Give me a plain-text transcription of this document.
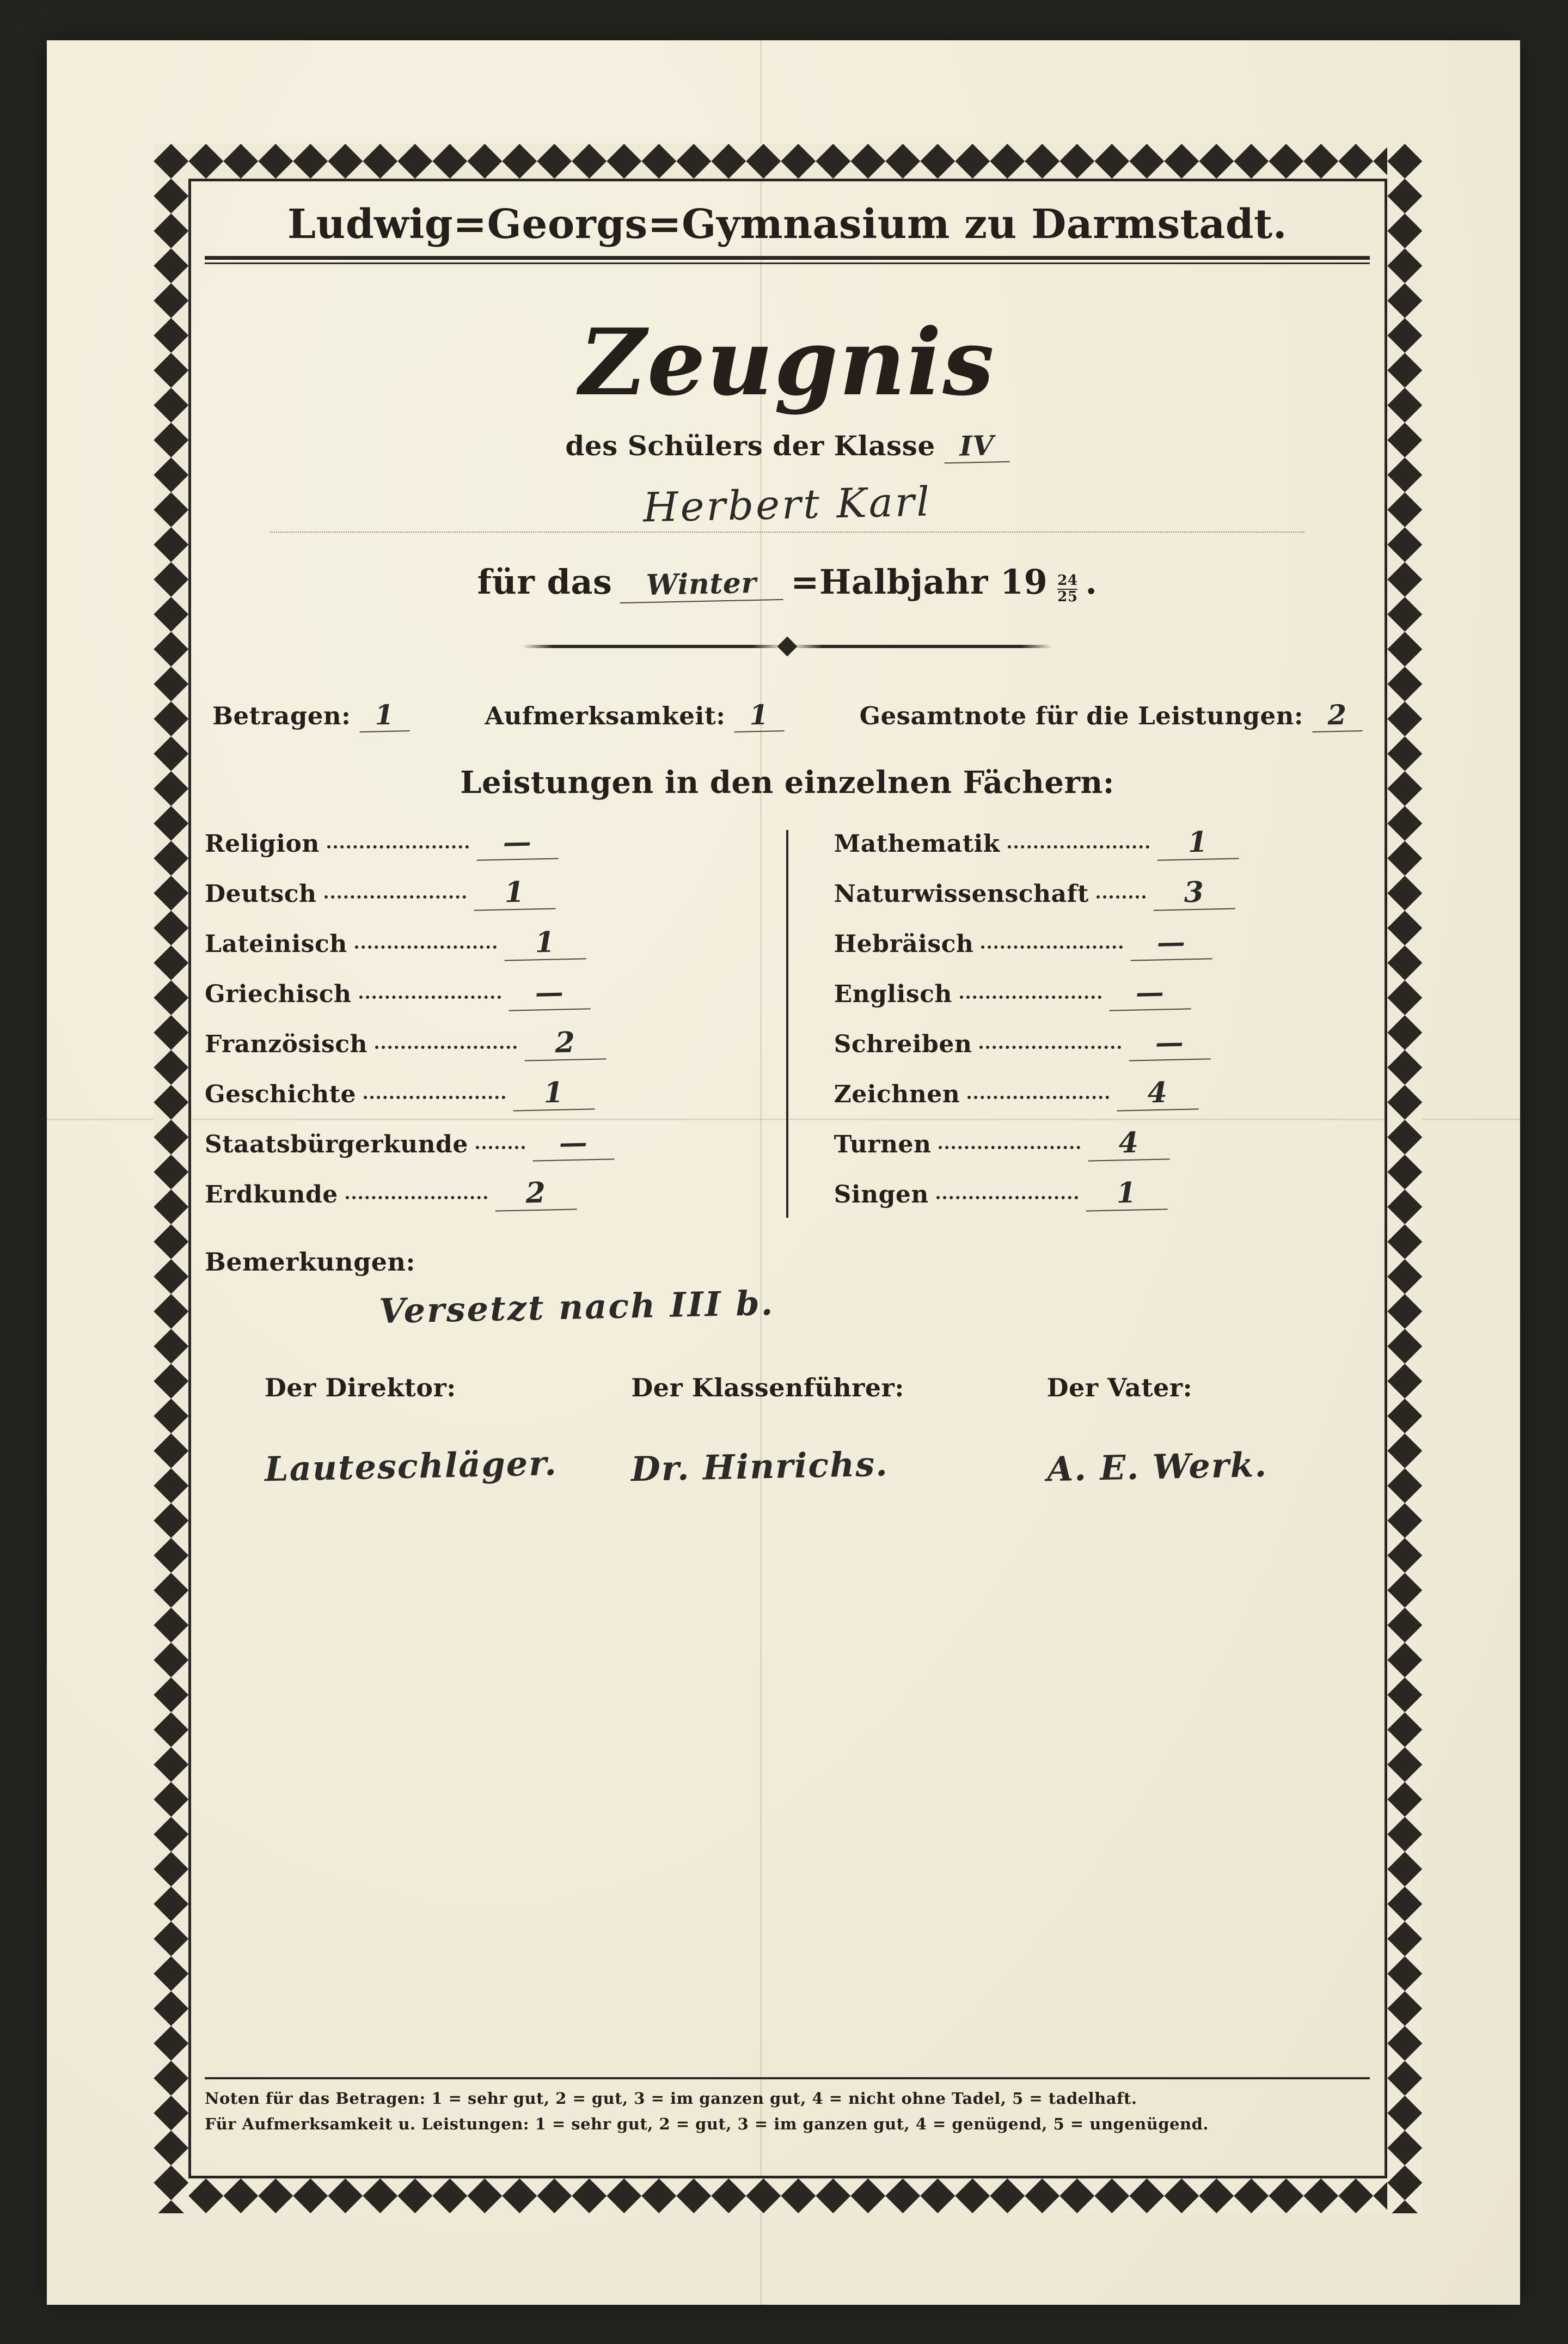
Ludwig=Georgs=Gymnasium zu Darmstadt.
Zeugnis
des Schülers der Klasse IV
Herbert Karl
für das	Winter	=Halbjahr $19 \frac{24}{25}$ .
Betragen: 1	Aufmerksamkeit: 1	Gesamtnote für die Leistungen: 2
Leistungen in den einzelnen Fächern:
Religion	—
Deutsch	1
Lateinisch	1
Griechisch	—
Französisch	2
Geschichte	1
Staatsbürgerkunde	—
Erdkunde	2
Mathematik	1
Naturwissenschaft	3
Hebräisch	—
Englisch	—
Schreiben	—
Zeichnen	4
Turnen	4
Singen	1
Bemerkungen:
Versetzt nach III b.
Der Direktor:
Lauteschläger.
Der Klassenführer:
Dr. Hinrichs.
Der Vater:
A. E. Werk.

Noten für das Betragen: 1 = sehr gut, 2 = gut, 3 = im ganzen gut, 4 = nicht ohne Tadel, 5 = tadelhaft.

Für Aufmerksamkeit u. Leistungen: 1 = sehr gut, 2 = gut, 3 = im ganzen gut, 4 = genügend, 5 = ungenügend.
